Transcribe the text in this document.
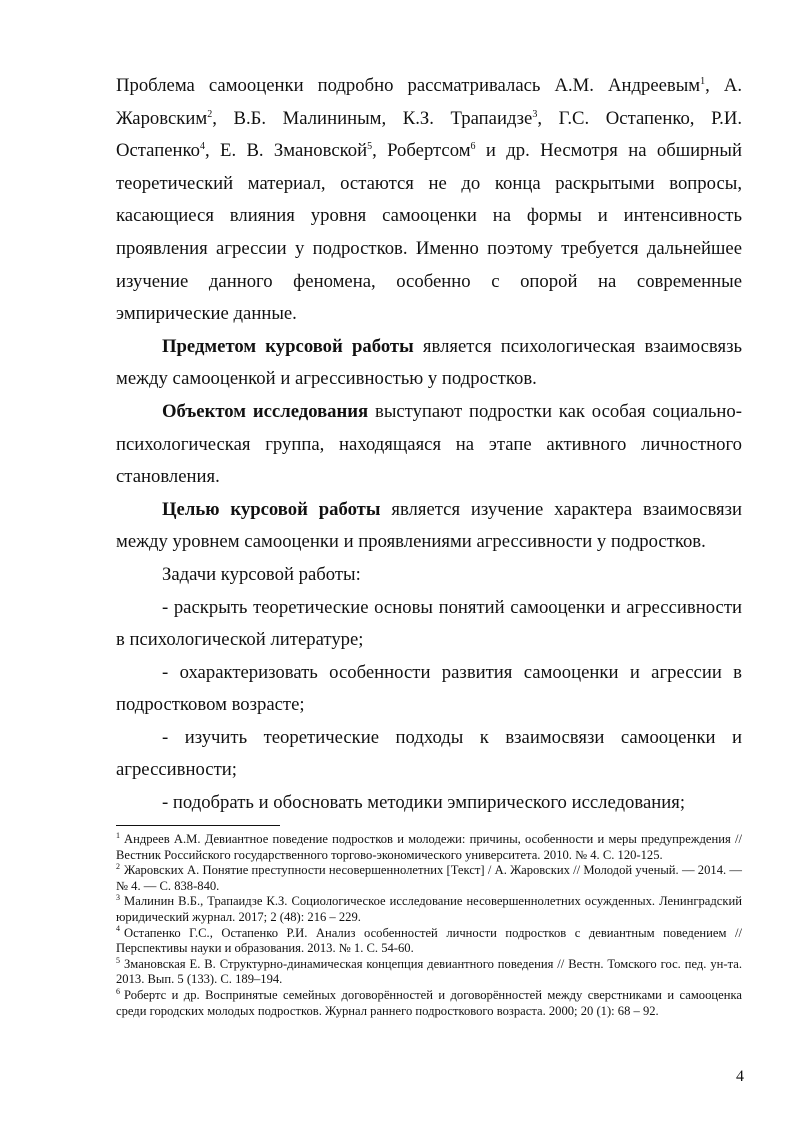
Проблема самооценки подробно рассматривалась А.М. Андреевым$^1$, А. Жаровским$^2$, В.Б. Малининым, К.З. Трапаидзе$^3$, Г.С. Остапенко, Р.И. Остапенко$^4$, Е. В. Змановской$^5$, Робертсом$^6$ и др. Несмотря на обширный теоретический материал, остаются не до конца раскрытыми вопросы, касающиеся влияния уровня самооценки на формы и интенсивность проявления агрессии у подростков. Именно поэтому требуется дальнейшее изучение данного феномена, особенно с опорой на современные эмпирические данные.

Предметом курсовой работы является психологическая взаимосвязь между самооценкой и агрессивностью у подростков.

Объектом исследования выступают подростки как особая социально-психологическая группа, находящаяся на этапе активного личностного становления.

Целью курсовой работы является изучение характера взаимосвязи между уровнем самооценки и проявлениями агрессивности у подростков.

Задачи курсовой работы:

- раскрыть теоретические основы понятий самооценки и агрессивности в психологической литературе;

- охарактеризовать особенности развития самооценки и агрессии в подростковом возрасте;

- изучить теоретические подходы к взаимосвязи самооценки и агрессивности;

- подобрать и обосновать методики эмпирического исследования;

$^1$ Андреев А.М. Девиантное поведение подростков и молодежи: причины, особенности и меры предупреждения // Вестник Российского государственного торгово-экономического университета. 2010. № 4. С. 120-125.

$^2$ Жаровских А. Понятие преступности несовершеннолетних [Текст] / А. Жаровских // Молодой ученый. — 2014. — № 4. — С. 838-840.

$^3$ Малинин В.Б., Трапаидзе К.З. Социологическое исследование несовершеннолетних осужденных. Ленинградский юридический журнал. 2017; 2 (48): 216 – 229.

$^4$ Остапенко Г.С., Остапенко Р.И. Анализ особенностей личности подростков с девиантным поведением // Перспективы науки и образования. 2013. № 1. С. 54-60.

$^5$ Змановская Е. В. Структурно-динамическая концепция девиантного поведения // Вестн. Томского гос. пед. ун-та. 2013. Вып. 5 (133). С. 189–194.

$^6$ Робертс и др. Воспринятые семейных договорённостей и договорённостей между сверстниками и самооценка среди городских молодых подростков. Журнал раннего подросткового возраста. 2000; 20 (1): 68 – 92.

4
